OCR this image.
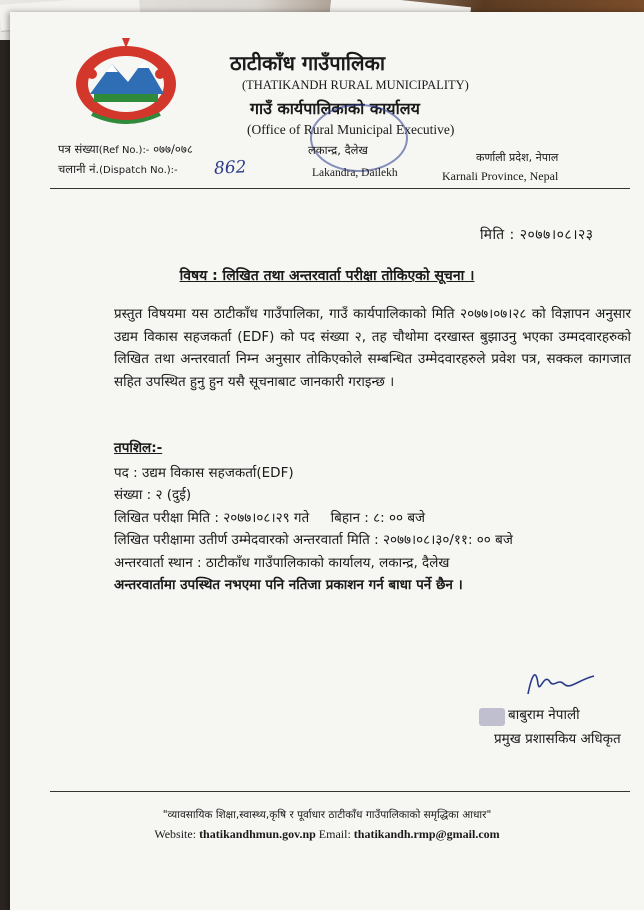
ठाटीकाँध गाउँपालिका
(THATIKANDH RURAL MUNICIPALITY)
गाउँ कार्यपालिकाको कार्यालय
(Office of Rural Municipal Executive)
पत्र संख्या(Ref No.):- ०७७/०७८
चलानी नं.(Dispatch No.):- 862
लकान्द्र, दैलेख
Lakandra, Dailekh
कर्णाली प्रदेश, नेपाल
Karnali Province, Nepal
मिति : २०७७।०८।२३
विषय : लिखित तथा अन्तरवार्ता परीक्षा तोकिएको सूचना ।
प्रस्तुत विषयमा यस ठाटीकाँध गाउँपालिका, गाउँ कार्यपालिकाको मिति २०७७।०७।२८ को विज्ञापन अनुसार उद्यम विकास सहजकर्ता (EDF) को पद संख्या २, तह चौथोमा दरखास्त बुझाउनु भएका उम्मदवारहरुको लिखित तथा अन्तरवार्ता निम्न अनुसार तोकिएकोले सम्बन्धित उम्मेदवारहरुले प्रवेश पत्र, सक्कल कागजात सहित उपस्थित हुनु हुन यसै सूचनाबाट जानकारी गराइन्छ ।
तपशिल:-
पद : उद्यम विकास सहजकर्ता(EDF)
संख्या : २ (दुई)
लिखित परीक्षा मिति : २०७७।०८।२९ गते     बिहान : ८: ०० बजे
लिखित परीक्षामा उतीर्ण उम्मेदवारको अन्तरवार्ता मिति : २०७७।०८।३०/११: ०० बजे
अन्तरवार्ता स्थान : ठाटीकाँध गाउँपालिकाको कार्यालय, लकान्द्र, दैलेख
अन्तरवार्तामा उपस्थित नभएमा पनि नतिजा प्रकाशन गर्न बाधा पर्ने छैन ।
बाबुराम नेपाली
प्रमुख प्रशासकिय अधिकृत
"व्यावसायिक शिक्षा,स्वास्थ्य,कृषि र पूर्वाधार ठाटीकाँध गाउँपालिकाको समृद्धिका आधार"
Website: thatikandhmun.gov.np Email: thatikandh.rmp@gmail.com
